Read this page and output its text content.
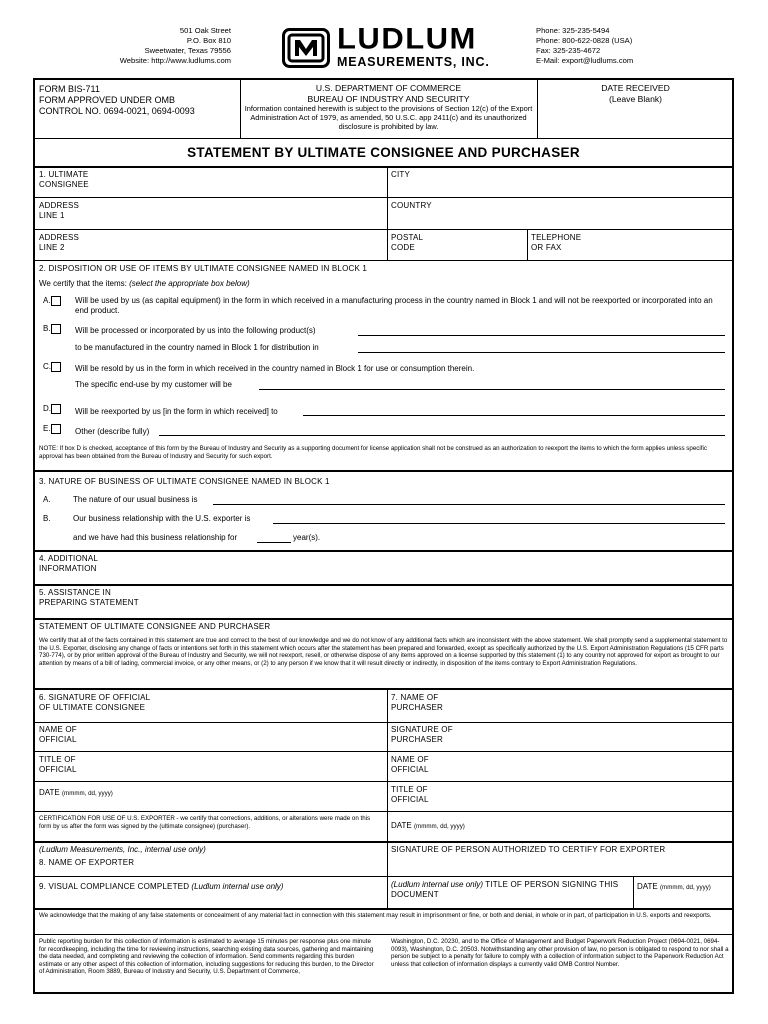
501 Oak Street
P.O. Box 810
Sweetwater, Texas 79556
Website: http://www.ludlums.com
LUDLUM
MEASUREMENTS, INC.
Phone: 325-235-5494
Phone: 800-622-0828 (USA)
Fax: 325-235-4672
E-Mail: export@ludlums.com
FORM BIS-711
FORM APPROVED UNDER OMB
CONTROL NO. 0694-0021, 0694-0093
U.S. DEPARTMENT OF COMMERCE
BUREAU OF INDUSTRY AND SECURITY
Information contained herewith is subject to the provisions of Section 12(c) of the Export Administration Act of 1979, as amended, 50 U.S.C. app 2411(c) and its unauthorized disclosure is prohibited by law.
DATE RECEIVED
(Leave Blank)
STATEMENT BY ULTIMATE CONSIGNEE AND PURCHASER
1. ULTIMATE
CONSIGNEE
CITY
ADDRESS
LINE 1
COUNTRY
ADDRESS
LINE 2
POSTAL
CODE
TELEPHONE
OR FAX
2. DISPOSITION OR USE OF ITEMS BY ULTIMATE CONSIGNEE NAMED IN BLOCK 1
We certify that the items: (select the appropriate box below)
A.	Will be used by us (as capital equipment) in the form in which received in a manufacturing process in the country named in Block 1 and will not be reexported or incorporated into an end product.
B.	Will be processed or incorporated by us into the following product(s)
to be manufactured in the country named in Block 1 for distribution in
C.	Will be resold by us in the form in which received in the country named in Block 1 for use or consumption therein.
The specific end-use by my customer will be
D.	Will be reexported by us [in the form in which received] to
E.	Other (describe fully)
NOTE: If box D is checked, acceptance of this form by the Bureau of Industry and Security as a supporting document for license application shall not be construed as an authorization to reexport the items to which the form applies unless specific approval has been obtained from the Bureau of Industry and Security for such export.
3. NATURE OF BUSINESS OF ULTIMATE CONSIGNEE NAMED IN BLOCK 1
A.	The nature of our usual business is
B.	Our business relationship with the U.S. exporter is
and we have had this business relationship for	year(s).
4. ADDITIONAL
INFORMATION
5. ASSISTANCE IN
PREPARING STATEMENT
STATEMENT OF ULTIMATE CONSIGNEE AND PURCHASER
We certify that all of the facts contained in this statement are true and correct to the best of our knowledge and we do not know of any additional facts which are inconsistent with the above statement. We shall promptly send a supplemental statement to the U.S. Exporter, disclosing any change of facts or intentions set forth in this statement which occurs after the statement has been prepared and forwarded, except as specifically authorized by the U.S. Export Administration Regulations (15 CFR parts 730-774), or by prior written approval of the Bureau of Industry and Security, we will not reexport, resell, or otherwise dispose of any items approved on a license supported by this statement (1) to any country not approved for export as brought to our attention by means of a bill of lading, commercial invoice, or any other means, or (2) to any person if we know that it will result directly or indirectly, in disposition of the items contrary to Export Administration Regulations.
6. SIGNATURE OF OFFICIAL
OF ULTIMATE CONSIGNEE
7. NAME OF
PURCHASER
NAME OF
OFFICIAL
SIGNATURE OF
PURCHASER
TITLE OF
OFFICIAL
NAME OF
OFFICIAL
DATE (mmmm, dd, yyyy)	TITLE OF
OFFICIAL
CERTIFICATION FOR USE OF U.S. EXPORTER - we certify that corrections, additions, or alterations were made on this form by us after the form was signed by the (ultimate consignee) (purchaser).	DATE (mmmm, dd, yyyy)
(Ludlum Measurements, Inc., internal use only)
8. NAME OF EXPORTER
SIGNATURE OF PERSON AUTHORIZED TO CERTIFY FOR EXPORTER
9. VISUAL COMPLIANCE COMPLETED (Ludlum internal use only)	(Ludlum internal use only) TITLE OF PERSON SIGNING THIS DOCUMENT
DATE (mmmm, dd, yyyy)
We acknowledge that the making of any false statements or concealment of any material fact in connection with this statement may result in imprisonment or fine, or both and denial, in whole or in part, of participation in U.S. exports and reexports.
Public reporting burden for this collection of information is estimated to average 15 minutes per response plus one minute for recordkeeping, including the time for reviewing instructions, searching existing data sources, gathering and maintaining the data needed, and completing and reviewing the collection of information. Send comments regarding this burden estimate or any other aspect of this collection of information, including suggestions for reducing this burden, to the Director of Administration, Room 3889, Bureau of Industry and Security, U.S. Department of Commerce,
Washington, D.C. 20230, and to the Office of Management and Budget Paperwork Reduction Project (0694-0021, 0694-0093), Washington, D.C. 20503. Notwithstanding any other provision of law, no person is obligated to respond to nor shall a person be subject to a penalty for failure to comply with a collection of information subject to the Paperwork Reduction Act unless that collection of information displays a currently valid OMB Control Number.
